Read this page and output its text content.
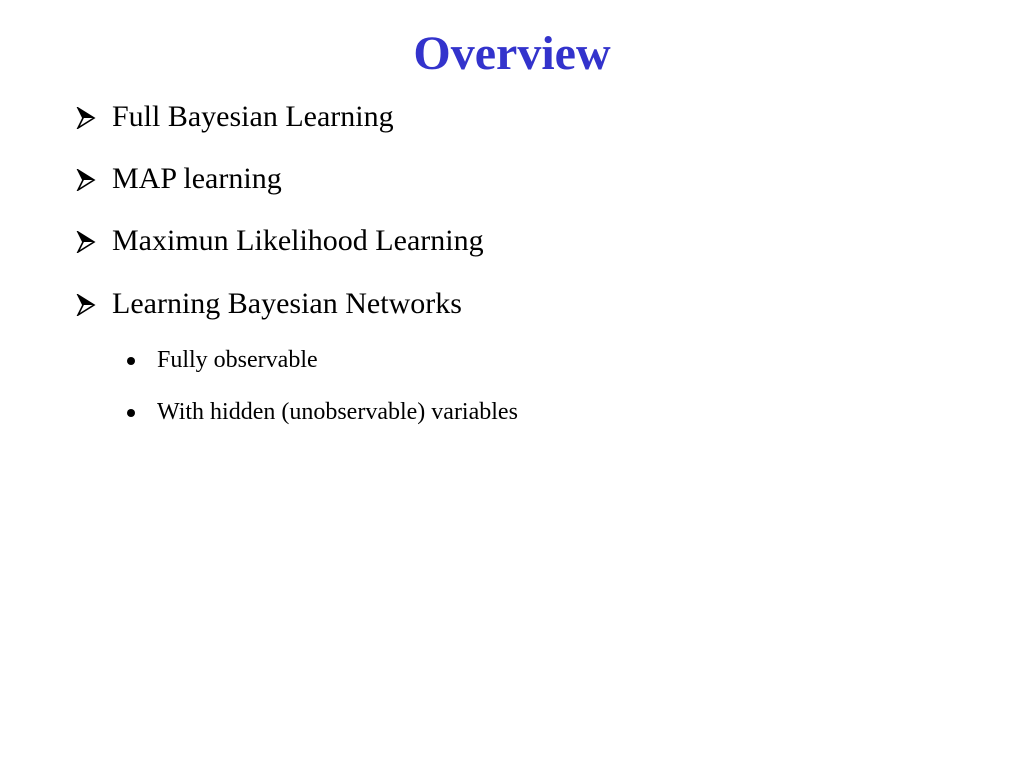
Overview
Full Bayesian Learning
MAP learning
Maximun Likelihood Learning
Learning Bayesian Networks
Fully observable
With hidden (unobservable) variables
